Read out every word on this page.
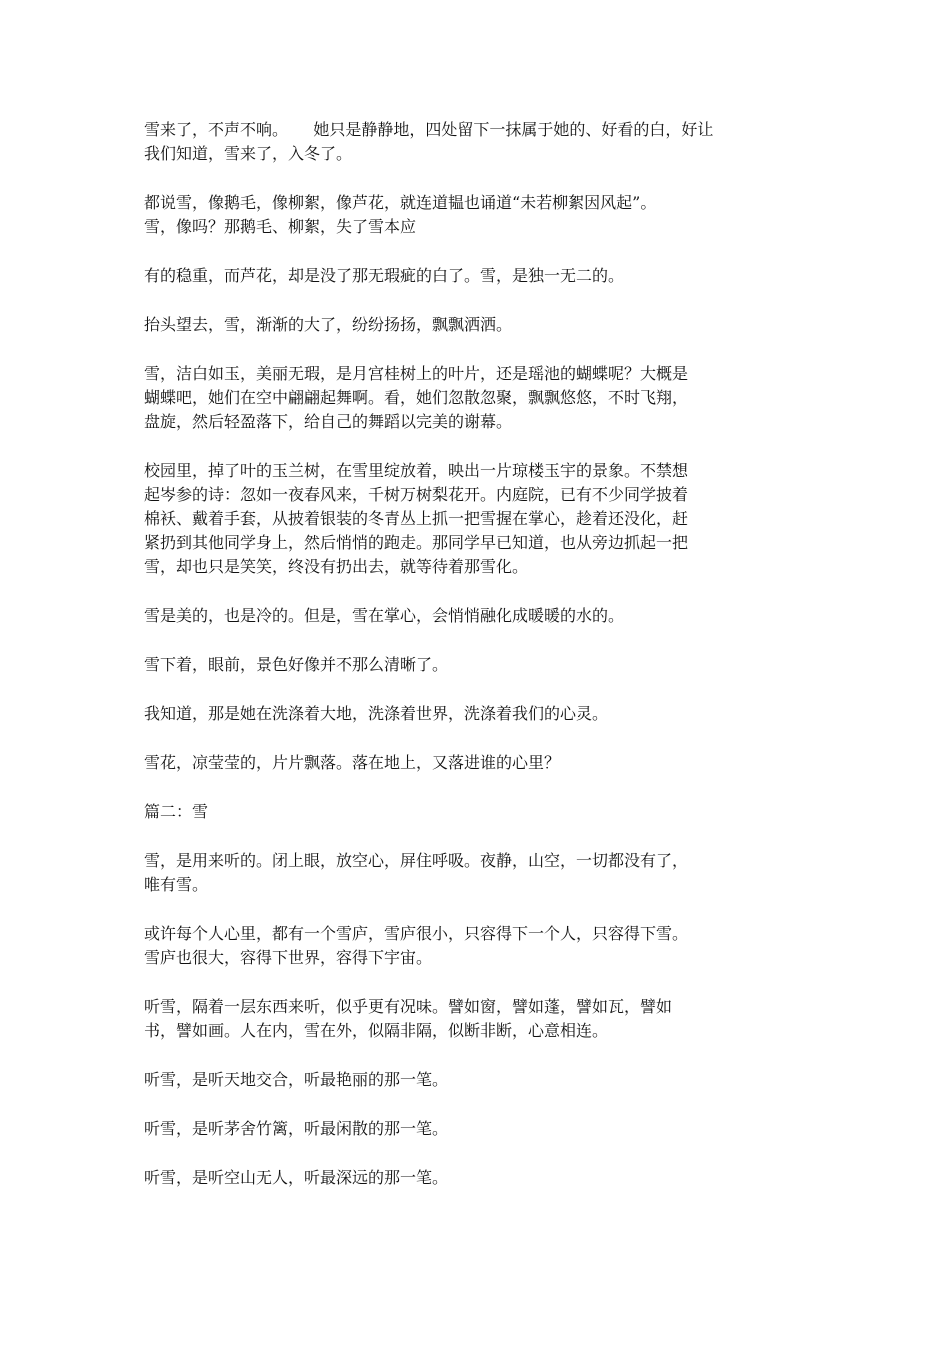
雪来了，不声不响。     她只是静静地，四处留下一抹属于她的、好看的白，好让
我们知道，雪来了，入冬了。

都说雪，像鹅毛，像柳絮，像芦花，就连道韫也诵道“未若柳絮因风起”。
雪，像吗？那鹅毛、柳絮，失了雪本应

有的稳重，而芦花，却是没了那无瑕疵的白了。雪，是独一无二的。

抬头望去，雪，渐渐的大了，纷纷扬扬，飘飘洒洒。

雪，洁白如玉，美丽无瑕，是月宫桂树上的叶片，还是瑶池的蝴蝶呢？大概是
蝴蝶吧，她们在空中翩翩起舞啊。看，她们忽散忽聚，飘飘悠悠，不时飞翔，
盘旋，然后轻盈落下，给自己的舞蹈以完美的谢幕。

校园里，掉了叶的玉兰树，在雪里绽放着，映出一片琼楼玉宇的景象。不禁想
起岑参的诗：忽如一夜春风来，千树万树梨花开。内庭院，已有不少同学披着
棉袄、戴着手套，从披着银装的冬青丛上抓一把雪握在掌心，趁着还没化，赶
紧扔到其他同学身上，然后悄悄的跑走。那同学早已知道，也从旁边抓起一把
雪，却也只是笑笑，终没有扔出去，就等待着那雪化。

雪是美的，也是冷的。但是，雪在掌心，会悄悄融化成暖暖的水的。

雪下着，眼前，景色好像并不那么清晰了。

我知道，那是她在洗涤着大地，洗涤着世界，洗涤着我们的心灵。

雪花，凉莹莹的，片片飘落。落在地上，又落进谁的心里？

篇二：雪

雪，是用来听的。闭上眼，放空心，屏住呼吸。夜静，山空，一切都没有了，
唯有雪。

或许每个人心里，都有一个雪庐，雪庐很小，只容得下一个人，只容得下雪。
雪庐也很大，容得下世界，容得下宇宙。

听雪，隔着一层东西来听，似乎更有况味。譬如窗，譬如蓬，譬如瓦，譬如
书，譬如画。人在内，雪在外，似隔非隔，似断非断，心意相连。

听雪，是听天地交合，听最艳丽的那一笔。

听雪，是听茅舍竹篱，听最闲散的那一笔。

听雪，是听空山无人，听最深远的那一笔。
